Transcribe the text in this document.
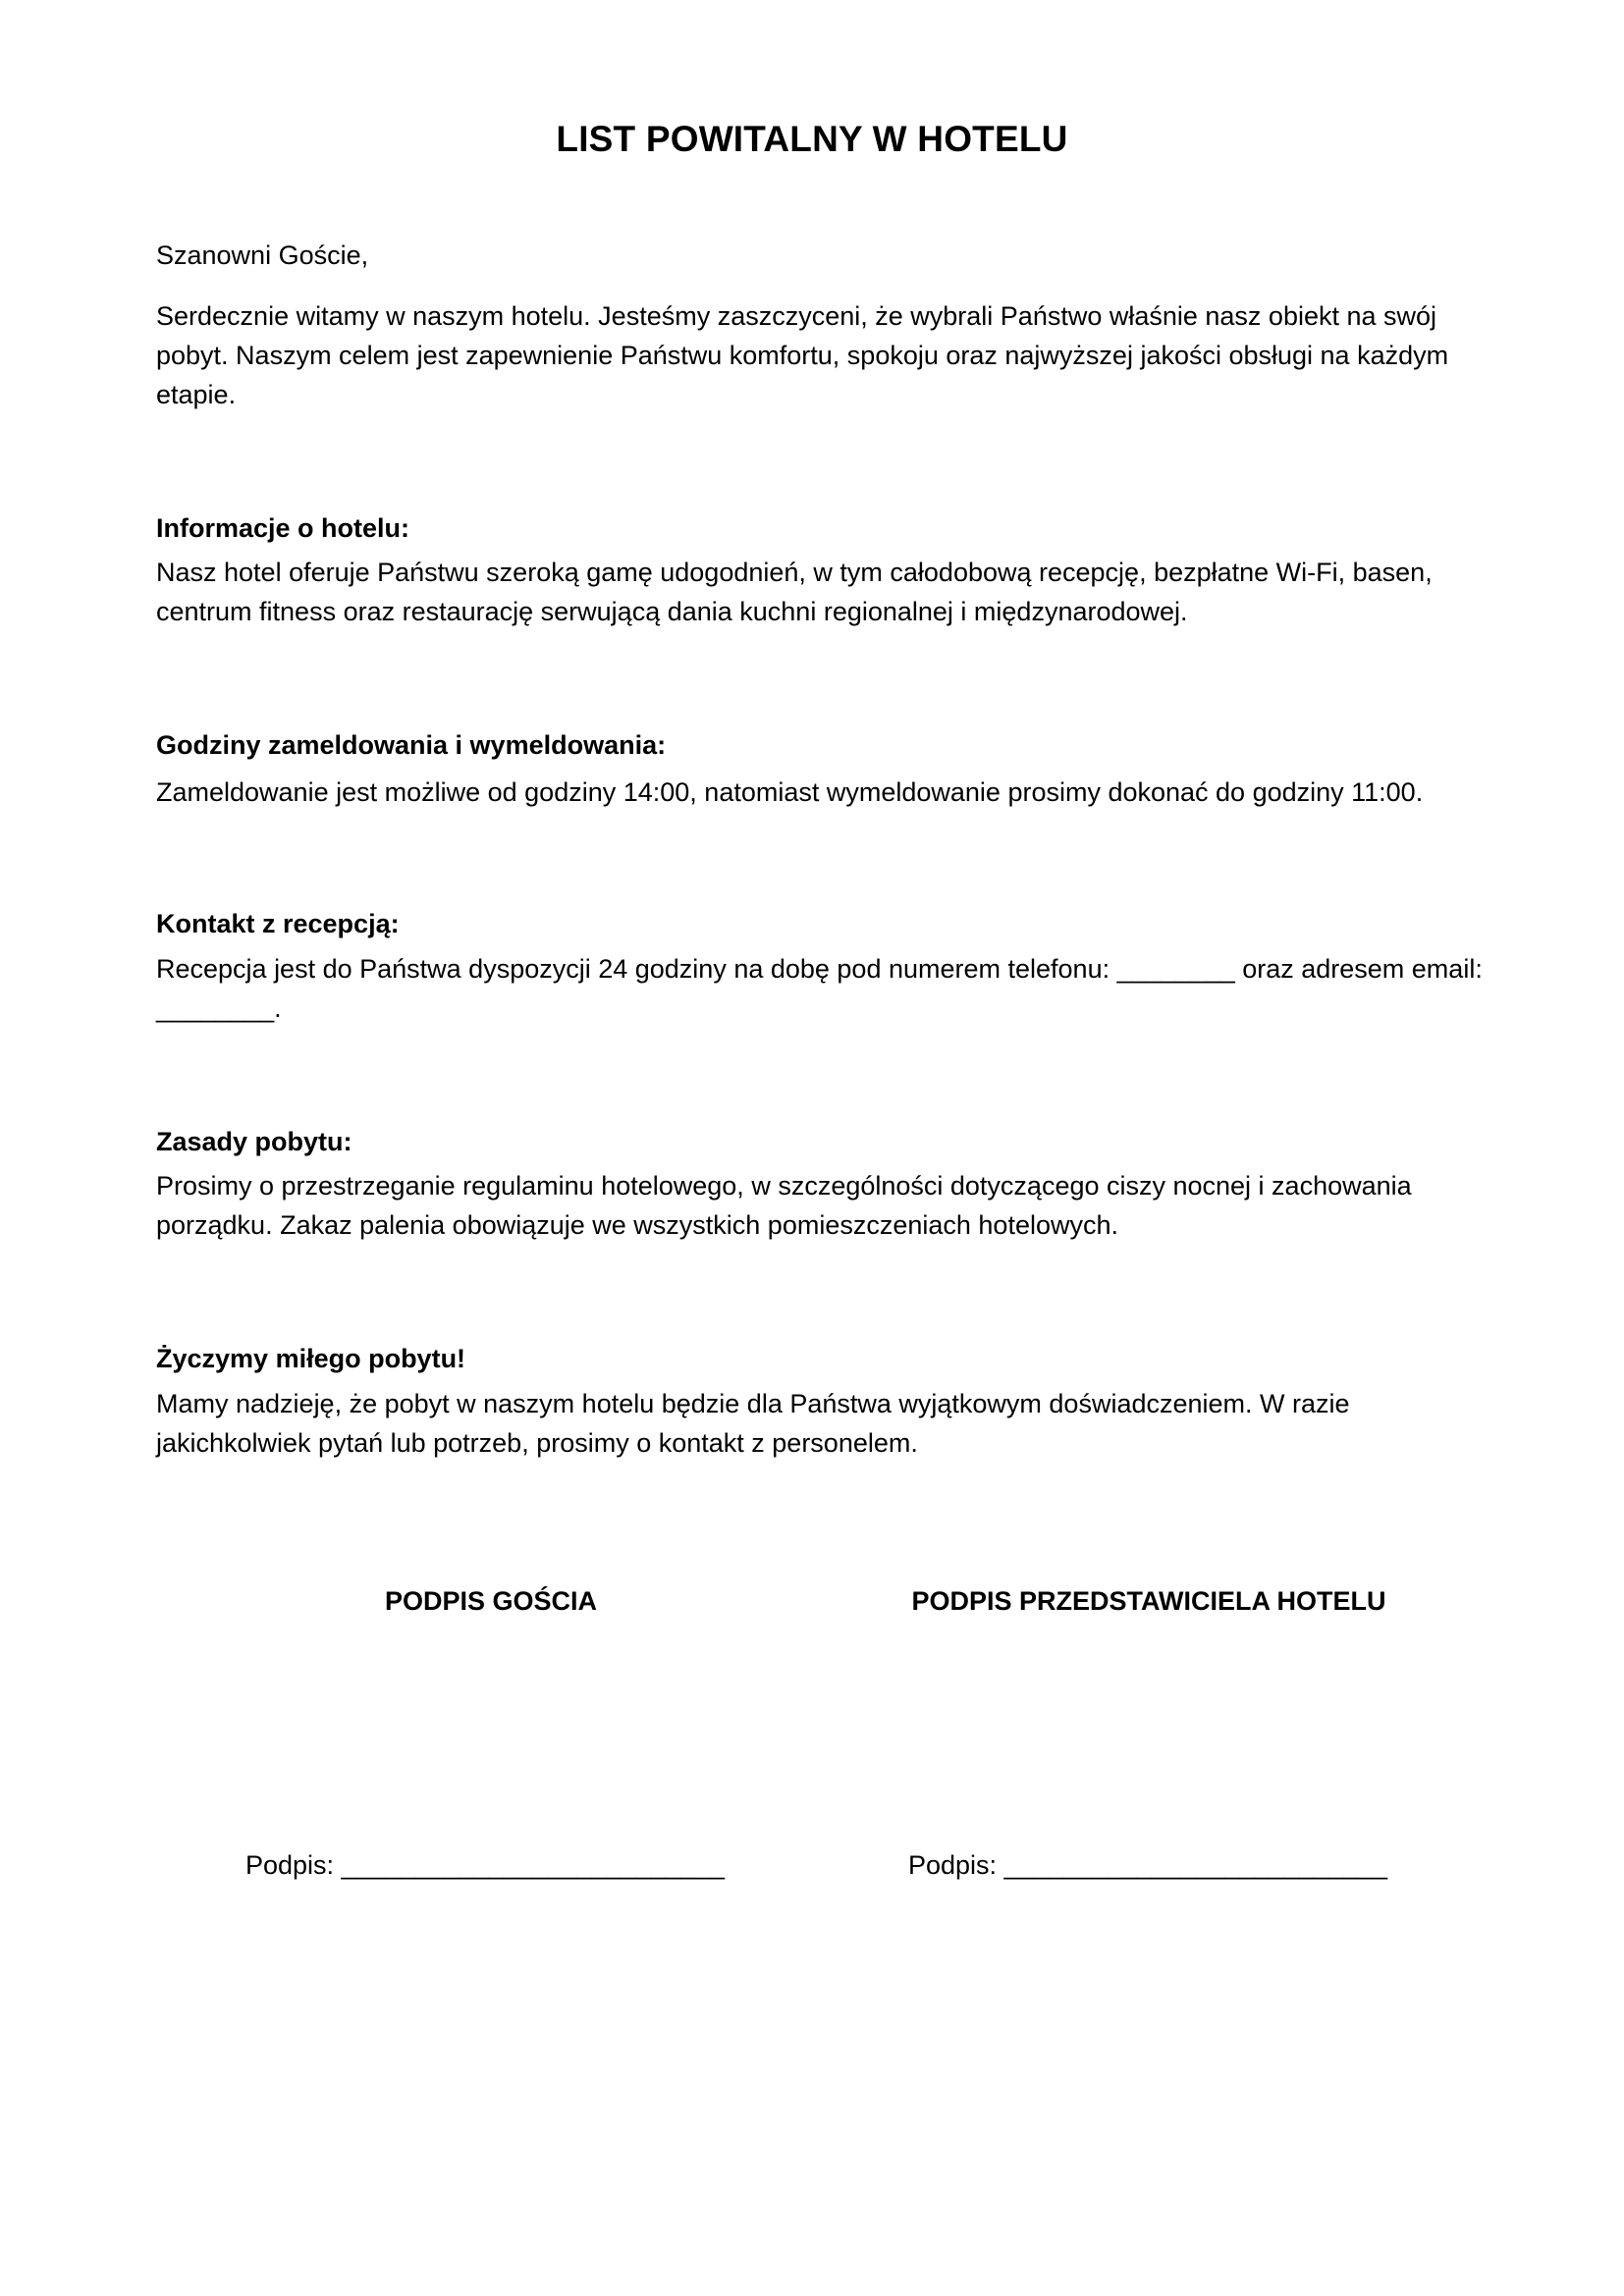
LIST POWITALNY W HOTELU

Szanowni Goście,

Serdecznie witamy w naszym hotelu. Jesteśmy zaszczyceni, że wybrali Państwo właśnie nasz obiekt na swój pobyt. Naszym celem jest zapewnienie Państwu komfortu, spokoju oraz najwyższej jakości obsługi na każdym etapie.

Informacje o hotelu:

Nasz hotel oferuje Państwu szeroką gamę udogodnień, w tym całodobową recepcję, bezpłatne Wi-Fi, basen, centrum fitness oraz restaurację serwującą dania kuchni regionalnej i międzynarodowej.

Godziny zameldowania i wymeldowania:

Zameldowanie jest możliwe od godziny 14:00, natomiast wymeldowanie prosimy dokonać do godziny 11:00.

Kontakt z recepcją:

Recepcja jest do Państwa dyspozycji 24 godziny na dobę pod numerem telefonu: ________ oraz adresem email: ________.

Zasady pobytu:

Prosimy o przestrzeganie regulaminu hotelowego, w szczególności dotyczącego ciszy nocnej i zachowania porządku. Zakaz palenia obowiązuje we wszystkich pomieszczeniach hotelowych.

Życzymy miłego pobytu!

Mamy nadzieję, że pobyt w naszym hotelu będzie dla Państwa wyjątkowym doświadczeniem. W razie jakichkolwiek pytań lub potrzeb, prosimy o kontakt z personelem.

PODPIS GOŚCIA	PODPIS PRZEDSTAWICIELA HOTELU
Podpis: __________________________	Podpis: __________________________
